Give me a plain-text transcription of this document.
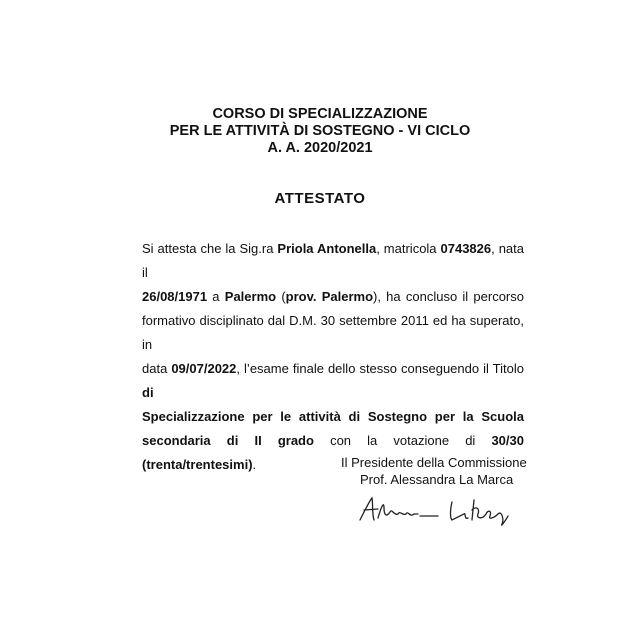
CORSO DI SPECIALIZZAZIONE
PER LE ATTIVITÀ DI SOSTEGNO - VI CICLO
A. A. 2020/2021
ATTESTATO
Si attesta che la Sig.ra Priola Antonella, matricola 0743826, nata il
26/08/1971 a Palermo (prov. Palermo), ha concluso il percorso
formativo disciplinato dal D.M. 30 settembre 2011 ed ha superato, in
data 09/07/2022, l’esame finale dello stesso conseguendo il Titolo di
Specializzazione per le attività di Sostegno per la Scuola
secondaria di II grado con la votazione di 30/30 (trenta/trentesimi).	Il Presidente della Commissione
Prof. Alessandra La Marca
